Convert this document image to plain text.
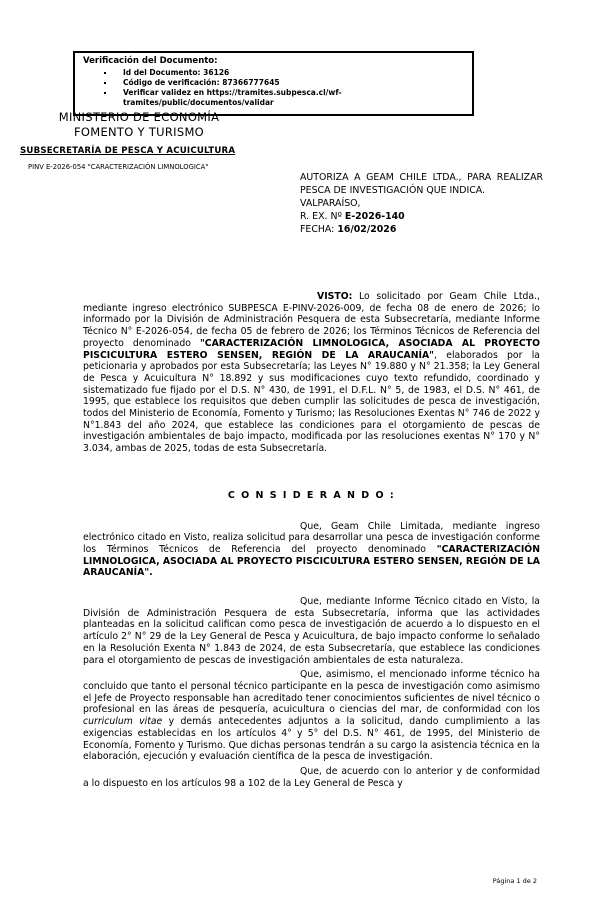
Verificación del Documento:
▪ Id del Documento: 36126
▪ Código de verificación: 87366777645
▪ Verificar validez en https://tramites.subpesca.cl/wf-tramites/public/documentos/validar
MINISTERIO DE ECONOMÍA
FOMENTO Y TURISMO
SUBSECRETARÍA DE PESCA Y ACUICULTURA
PINV E-2026-054 "CARACTERIZACIÓN LIMNOLOGICA"

AUTORIZA A GEAM CHILE LTDA., PARA REALIZAR PESCA DE INVESTIGACIÓN QUE INDICA.

VALPARAÍSO,

R. EX. Nº E-2026-140

FECHA: 16/02/2026

VISTO: Lo solicitado por Geam Chile Ltda., mediante ingreso electrónico SUBPESCA E-PINV-2026-009, de fecha 08 de enero de 2026; lo informado por la División de Administración Pesquera de esta Subsecretaría, mediante Informe Técnico N° E-2026-054, de fecha 05 de febrero de 2026; los Términos Técnicos de Referencia del proyecto denominado "CARACTERIZACIÓN LIMNOLOGICA, ASOCIADA AL PROYECTO PISCICULTURA ESTERO SENSEN, REGIÓN DE LA ARAUCANÍA", elaborados por la peticionaria y aprobados por esta Subsecretaría; las Leyes N° 19.880 y N° 21.358; la Ley General de Pesca y Acuicultura N° 18.892 y sus modificaciones cuyo texto refundido, coordinado y sistematizado fue fijado por el D.S. N° 430, de 1991, el D.F.L. N° 5, de 1983, el D.S. N° 461, de 1995, que establece los requisitos que deben cumplir las solicitudes de pesca de investigación, todos del Ministerio de Economía, Fomento y Turismo; las Resoluciones Exentas N° 746 de 2022 y N°1.843 del año 2024, que establece las condiciones para el otorgamiento de pescas de investigación ambientales de bajo impacto, modificada por las resoluciones exentas N° 170 y N° 3.034, ambas de 2025, todas de esta Subsecretaría.

C O N S I D E R A N D O :

Que, Geam Chile Limitada, mediante ingreso electrónico citado en Visto, realiza solicitud para desarrollar una pesca de investigación conforme los Términos Técnicos de Referencia del proyecto denominado "CARACTERIZACIÓN LIMNOLOGICA, ASOCIADA AL PROYECTO PISCICULTURA ESTERO SENSEN, REGIÓN DE LA ARAUCANÍA".

Que, mediante Informe Técnico citado en Visto, la División de Administración Pesquera de esta Subsecretaría, informa que las actividades planteadas en la solicitud califican como pesca de investigación de acuerdo a lo dispuesto en el artículo 2° N° 29 de la Ley General de Pesca y Acuicultura, de bajo impacto conforme lo señalado en la Resolución Exenta N° 1.843 de 2024, de esta Subsecretaría, que establece las condiciones para el otorgamiento de pescas de investigación ambientales de esta naturaleza.

Que, asimismo, el mencionado informe técnico ha concluido que tanto el personal técnico participante en la pesca de investigación como asimismo el Jefe de Proyecto responsable han acreditado tener conocimientos suficientes de nivel técnico o profesional en las áreas de pesquería, acuicultura o ciencias del mar, de conformidad con los curriculum vitae y demás antecedentes adjuntos a la solicitud, dando cumplimiento a las exigencias establecidas en los artículos 4° y 5° del D.S. N° 461, de 1995, del Ministerio de Economía, Fomento y Turismo. Que dichas personas tendrán a su cargo la asistencia técnica en la elaboración, ejecución y evaluación científica de la pesca de investigación.

Que, de acuerdo con lo anterior y de conformidad a lo dispuesto en los artículos 98 a 102 de la Ley General de Pesca y

Página 1 de 2
